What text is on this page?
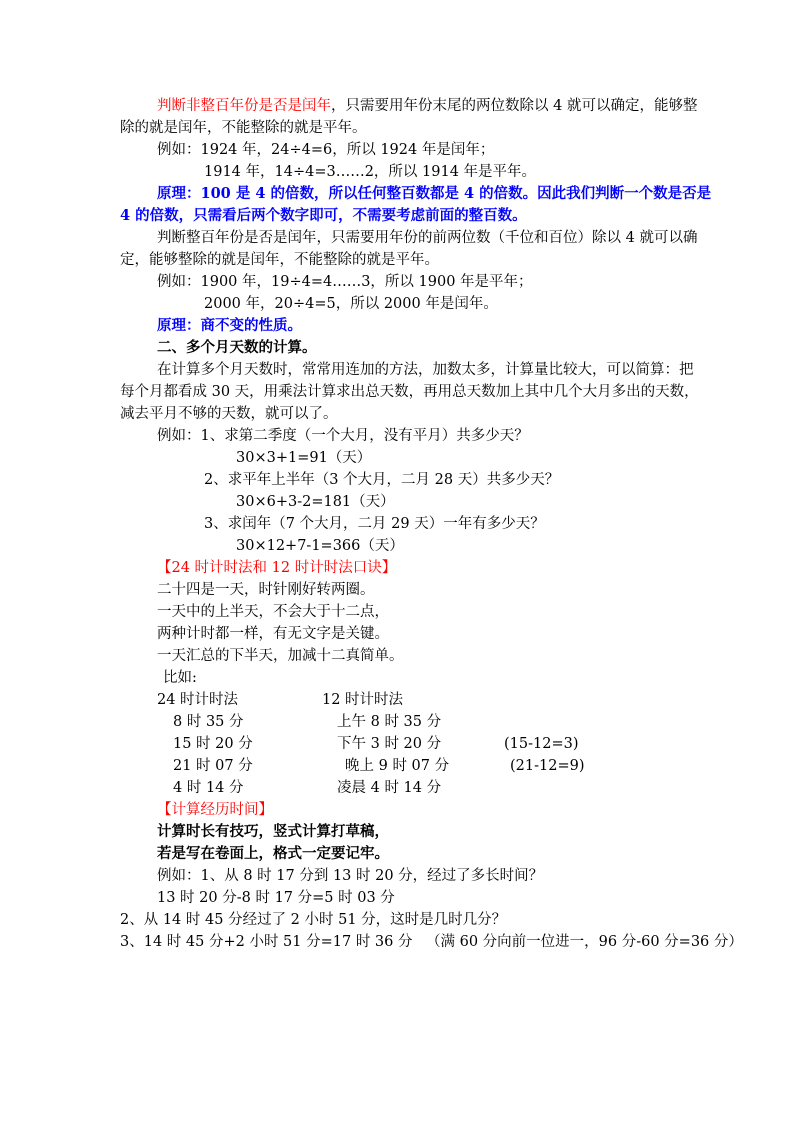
判断非整百年份是否是闰年，只需要用年份末尾的两位数除以 4 就可以确定，能够整
除的就是闰年，不能整除的就是平年。
例如：1924 年，24÷4=6，所以 1924 年是闰年；
1914 年，14÷4=3……2，所以 1914 年是平年。
原理：100 是 4 的倍数，所以任何整百数都是 4 的倍数。因此我们判断一个数是否是
4 的倍数，只需看后两个数字即可，不需要考虑前面的整百数。
判断整百年份是否是闰年，只需要用年份的前两位数（千位和百位）除以 4 就可以确
定，能够整除的就是闰年，不能整除的就是平年。
例如：1900 年，19÷4=4……3，所以 1900 年是平年；
2000 年，20÷4=5，所以 2000 年是闰年。
原理：商不变的性质。
二、多个月天数的计算。
在计算多个月天数时，常常用连加的方法，加数太多，计算量比较大，可以简算：把
每个月都看成 30 天，用乘法计算求出总天数，再用总天数加上其中几个大月多出的天数，
减去平月不够的天数，就可以了。
例如：1、求第二季度（一个大月，没有平月）共多少天？
30×3+1=91（天）
2、求平年上半年（3 个大月，二月 28 天）共多少天？
30×6+3-2=181（天）
3、求闰年（7 个大月，二月 29 天）一年有多少天？
30×12+7-1=366（天）
【24 时计时法和 12 时计时法口诀】
二十四是一天，时针刚好转两圈。
一天中的上半天，不会大于十二点，
两种计时都一样，有无文字是关键。
一天汇总的下半天，加减十二真简单。
比如:
24 时计时法	12 时计时法
8 时 35 分	上午 8 时 35 分
15 时 20 分	下午 3 时 20 分	(15-12=3)
21 时 07 分	晚上 9 时 07 分	(21-12=9)
4 时 14 分	凌晨 4 时 14 分
【计算经历时间】
计算时长有技巧，竖式计算打草稿，
若是写在卷面上，格式一定要记牢。
例如：1、从 8 时 17 分到 13 时 20 分，经过了多长时间？
13 时 20 分-8 时 17 分=5 时 03 分
2、从 14 时 45 分经过了 2 小时 51 分，这时是几时几分？
3、14 时 45 分+2 小时 51 分=17 时 36 分 （满 60 分向前一位进一，96 分-60 分=36 分）
